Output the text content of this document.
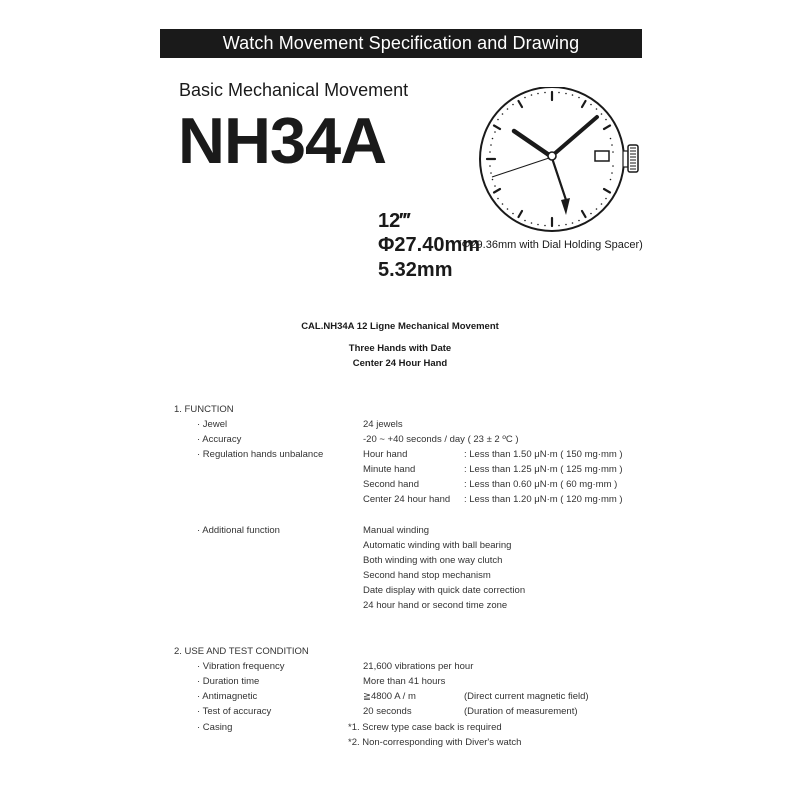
Watch Movement Specification and Drawing
Basic Mechanical Movement
NH34A
12‴
Φ27.40mm
(Φ29.36mm with Dial Holding Spacer)
5.32mm
CAL.NH34A 12 Ligne Mechanical Movement
Three Hands with Date
Center 24 Hour Hand
1. FUNCTION
· Jewel	24 jewels
· Accuracy	-20 ~ +40 seconds / day ( 23 ± 2 ºC )
· Regulation hands unbalance	Hour hand	: Less than 1.50 μN·m ( 150 mg·mm )
Minute hand	: Less than 1.25 μN·m ( 125 mg·mm )
Second hand	: Less than 0.60 μN·m ( 60 mg·mm )
Center 24 hour hand : Less than 1.20 μN·m ( 120 mg·mm )
· Additional function	Manual winding
Automatic winding with ball bearing
Both winding with one way clutch
Second hand stop mechanism
Date display with quick date correction
24 hour hand or second time zone
2. USE AND TEST CONDITION
· Vibration frequency	21,600 vibrations per hour
· Duration time	More than 41 hours
· Antimagnetic	≧4800 A / m	(Direct current magnetic field)
· Test of accuracy	20 seconds	(Duration of measurement)
· Casing	*1. Screw type case back is required
*2. Non-corresponding with Diver's watch
